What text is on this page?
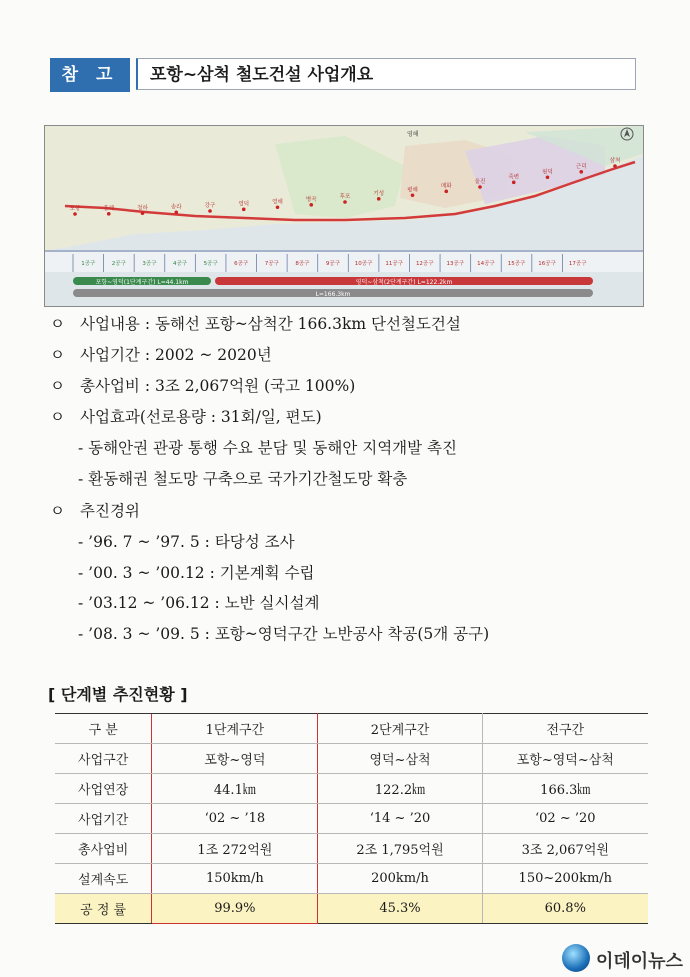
참 고	포항~삼척 철도건설 사업개요
1공구	2공구	3공구	4공구	5공구	6공구	7공구	8공구	9공구	10공구 11공구 12공구 13공구 14공구 15공구 16공구 17공구
포항~영덕(1단계구간) L=44.1km	영덕~삼척(2단계구간) L=122.2km
L=166.3km
영해
포항	흥해	청하	송라	강구	영덕	영해	병곡	후포
기성
평해
매화
울진
죽변
원덕
근덕
삼척
ㅇ 사업내용 : 동해선 포항~삼척간 166.3km 단선철도건설
ㅇ 사업기간 : 2002 ~ 2020년
ㅇ 총사업비 : 3조 2,067억원 (국고 100%)
ㅇ 사업효과(선로용량 : 31회/일, 편도)
- 동해안권 관광 통행 수요 분담 및 동해안 지역개발 촉진
- 환동해권 철도망 구축으로 국가기간철도망 확충
ㅇ 추진경위
- ’96. 7 ~ ’97. 5 : 타당성 조사
- ’00. 3 ~ ’00.12 : 기본계획 수립
- ’03.12 ~ ’06.12 : 노반 실시설계
- ’08. 3 ~ ’09. 5 : 포항~영덕구간 노반공사 착공(5개 공구)
[ 단계별 추진현황 ]
구 분	1단계구간	2단계구간	전구간
사업구간	포항~영덕	영덕~삼척	포항~영덕~삼척
사업연장	44.1㎞	122.2㎞	166.3㎞
사업기간	‘02 ~ ’18	‘14 ~ ’20	‘02 ~ ’20
총사업비	1조 272억원	2조 1,795억원	3조 2,067억원
설계속도	150km/h	200km/h	150~200km/h
공 정 률	99.9%	45.3%	60.8%
이데이뉴스
